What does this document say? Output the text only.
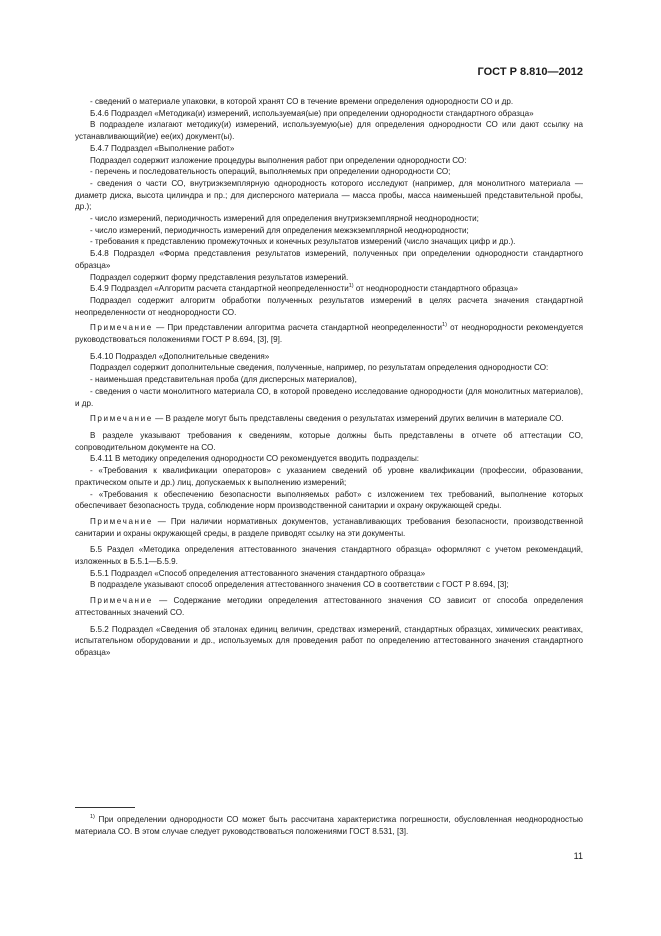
ГОСТ Р 8.810—2012

- сведений о материале упаковки, в которой хранят СО в течение времени определения однородности СО и др.

Б.4.6 Подраздел «Методика(и) измерений, используемая(ые) при определении однородности стандартного образца»

В подразделе излагают методику(и) измерений, используемую(ые) для определения однородности СО или дают ссылку на устанавливающий(ие) ее(их) документ(ы).

Б.4.7 Подраздел «Выполнение работ»

Подраздел содержит изложение процедуры выполнения работ при определении однородности СО:

- перечень и последовательность операций, выполняемых при определении однородности СО;

- сведения о части СО, внутриэкземплярную однородность которого исследуют (например, для монолитного материала — диаметр диска, высота цилиндра и пр.; для дисперсного материала — масса пробы, масса наименьшей представительной пробы, др.);

- число измерений, периодичность измерений для определения внутриэкземплярной неоднородности;

- число измерений, периодичность измерений для определения межэкземплярной неоднородности;

- требования к представлению промежуточных и конечных результатов измерений (число значащих цифр и др.).

Б.4.8 Подраздел «Форма представления результатов измерений, полученных при определении однородности стандартного образца»

Подраздел содержит форму представления результатов измерений.

Б.4.9 Подраздел «Алгоритм расчета стандартной неопределенности$^{1)}$ от неоднородности стандартного образца»

Подраздел содержит алгоритм обработки полученных результатов измерений в целях расчета значения стандартной неопределенности от неоднородности СО.

Примечание — При представлении алгоритма расчета стандартной неопределенности$^{1)}$ от неоднородности рекомендуется руководствоваться положениями ГОСТ Р 8.694, [3], [9].

Б.4.10 Подраздел «Дополнительные сведения»

Подраздел содержит дополнительные сведения, полученные, например, по результатам определения однородности СО:

- наименьшая представительная проба (для дисперсных материалов),

- сведения о части монолитного материала СО, в которой проведено исследование однородности (для монолитных материалов), и др.

Примечание — В разделе могут быть представлены сведения о результатах измерений других величин в материале СО.

В разделе указывают требования к сведениям, которые должны быть представлены в отчете об аттестации СО, сопроводительном документе на СО.

Б.4.11 В методику определения однородности СО рекомендуется вводить подразделы:

- «Требования к квалификации операторов» с указанием сведений об уровне квалификации (профессии, образовании, практическом опыте и др.) лиц, допускаемых к выполнению измерений;

- «Требования к обеспечению безопасности выполняемых работ» с изложением тех требований, выполнение которых обеспечивает безопасность труда, соблюдение норм производственной санитарии и охрану окружающей среды.

Примечание — При наличии нормативных документов, устанавливающих требования безопасности, производственной санитарии и охраны окружающей среды, в разделе приводят ссылку на эти документы.

Б.5 Раздел «Методика определения аттестованного значения стандартного образца» оформляют с учетом рекомендаций, изложенных в Б.5.1—Б.5.9.

Б.5.1 Подраздел «Способ определения аттестованного значения стандартного образца»

В подразделе указывают способ определения аттестованного значения СО в соответствии с ГОСТ Р 8.694, [3];

Примечание — Содержание методики определения аттестованного значения СО зависит от способа определения аттестованных значений СО.

Б.5.2 Подраздел «Сведения об эталонах единиц величин, средствах измерений, стандартных образцах, химических реактивах, испытательном оборудовании и др., используемых для проведения работ по определению аттестованного значения стандартного образца»

$^{1)}$ При определении однородности СО может быть рассчитана характеристика погрешности, обусловленная неоднородностью материала СО. В этом случае следует руководствоваться положениями ГОСТ 8.531, [3].

11
